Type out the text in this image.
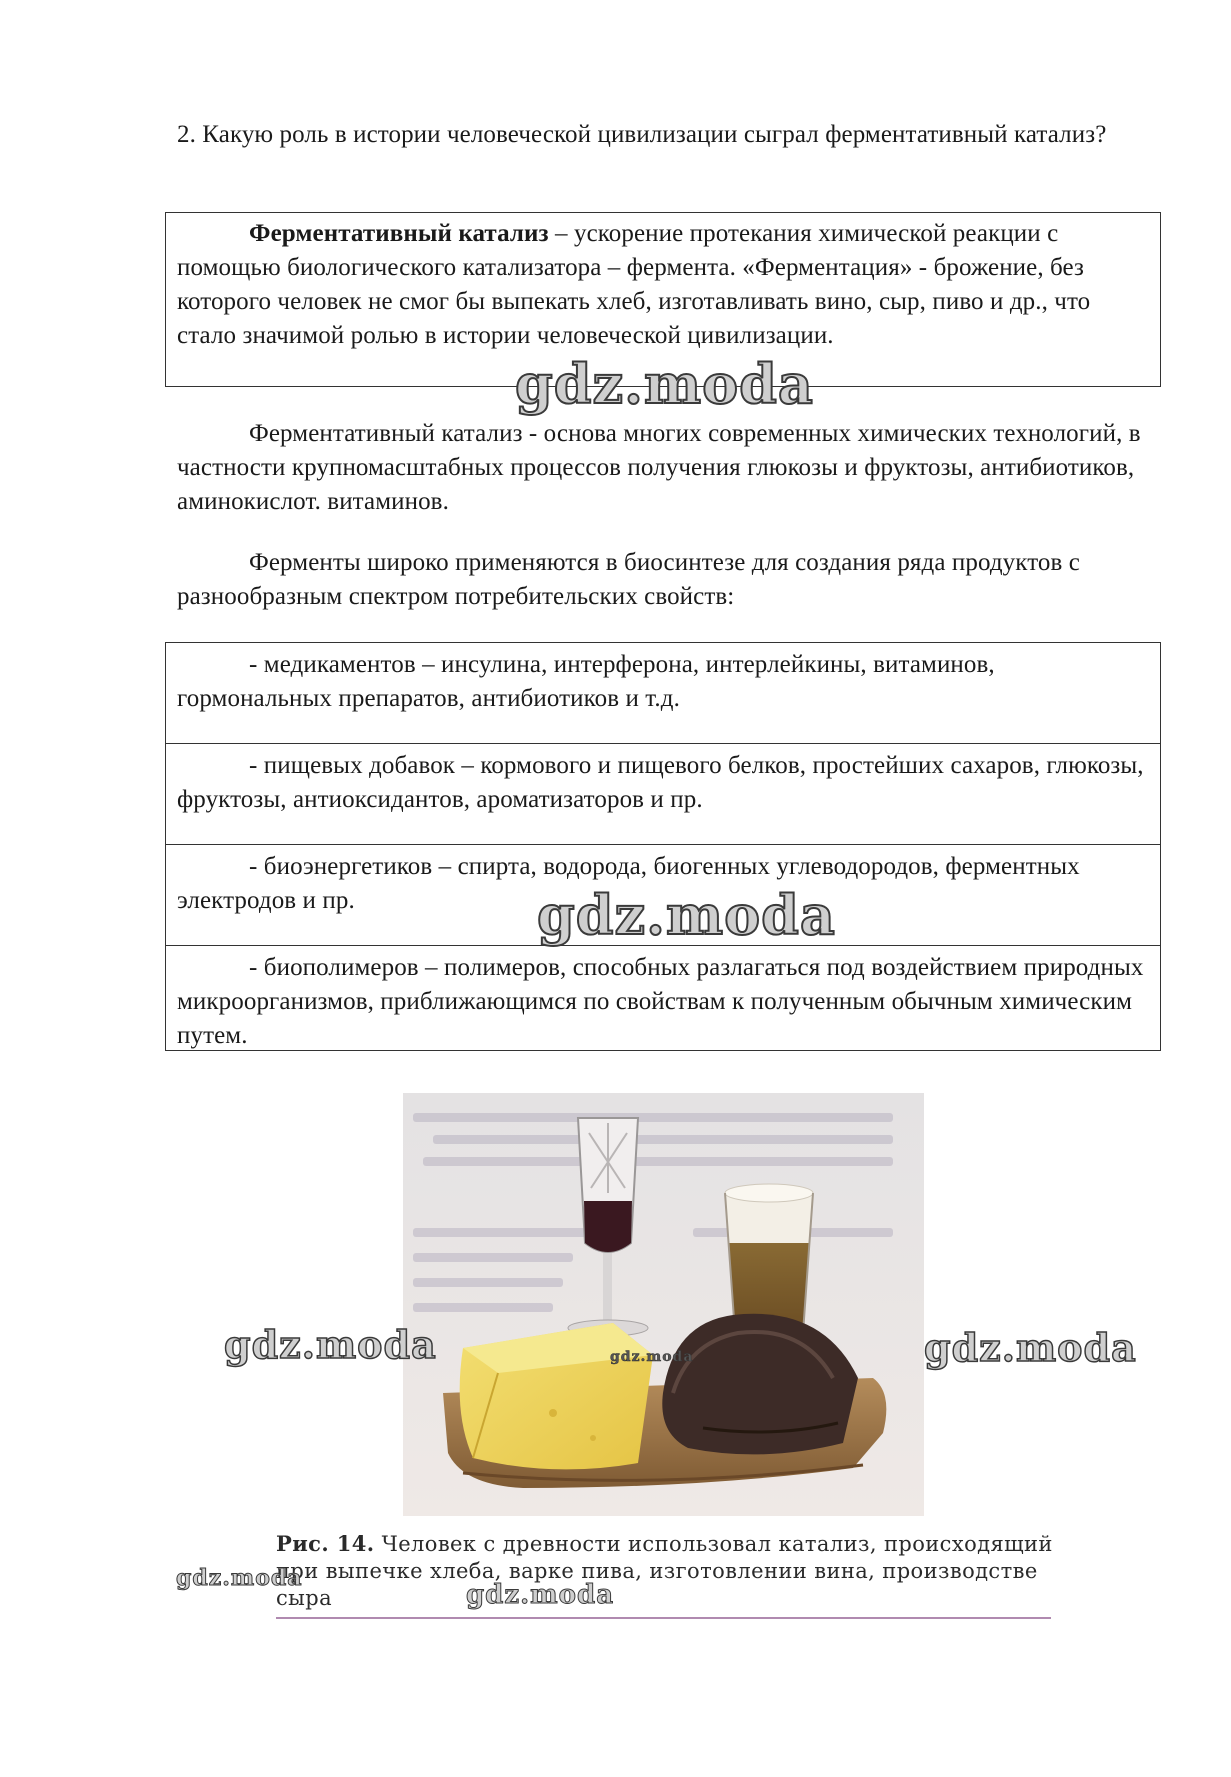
2. Какую роль в истории человеческой цивилизации сыграл ферментативный катализ?
Ферментативный катализ – ускорение протекания химической реакции с помощью биологического катализатора – фермента. «Ферментация» - брожение, без которого человек не смог бы выпекать хлеб, изготавливать вино, сыр, пиво и др., что стало значимой ролью в истории человеческой цивилизации.
Ферментативный катализ - основа многих современных химических технологий, в частности крупномасштабных процессов получения глюкозы и фруктозы, антибиотиков, аминокислот. витаминов.
Ферменты широко применяются в биосинтезе для создания ряда продуктов с разнообразным спектром потребительских свойств:
- медикаментов – инсулина, интерферона, интерлейкины, витаминов, гормональных препаратов, антибиотиков и т.д.
- пищевых добавок – кормового и пищевого белков, простейших сахаров, глюкозы, фруктозы, антиоксидантов, ароматизаторов и пр.
- биоэнергетиков – спирта, водорода, биогенных углеводородов, ферментных электродов и пр.
- биополимеров – полимеров, способных разлагаться под воздействием природных микроорганизмов, приближающимся по свойствам к полученным обычным химическим путем.
Рис. 14. Человек с древности использовал катализ, происходящий при выпечке хлеба, варке пива, изготовлении вина, производстве сыра
gdz.moda
gdz.moda
gdz.moda	gdz.moda
gdz.moda
gdz.moda
gdz.moda
